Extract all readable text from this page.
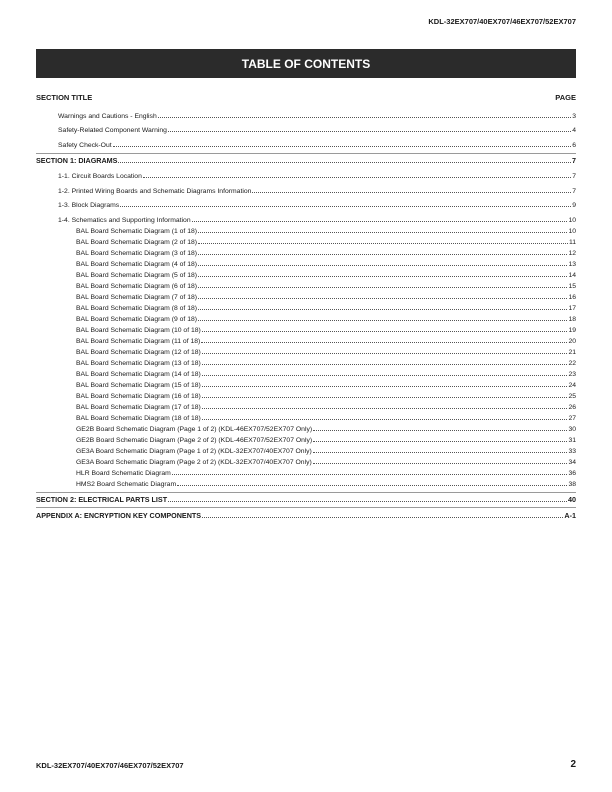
KDL-32EX707/40EX707/46EX707/52EX707
TABLE OF CONTENTS
SECTION TITLE	PAGE
Warnings and Cautions - English	3
Safety-Related Component Warning	4
Safety Check-Out	6
SECTION 1: DIAGRAMS	7
1-1. Circuit Boards Location	7
1-2. Printed Wiring Boards and Schematic Diagrams Information	7
1-3. Block Diagrams	9
1-4. Schematics and Supporting Information	10
BAL Board Schematic Diagram (1 of 18)	10
BAL Board Schematic Diagram (2 of 18)	11
BAL Board Schematic Diagram (3 of 18)	12
BAL Board Schematic Diagram (4 of 18)	13
BAL Board Schematic Diagram (5 of 18)	14
BAL Board Schematic Diagram (6 of 18)	15
BAL Board Schematic Diagram (7 of 18)	16
BAL Board Schematic Diagram (8 of 18)	17
BAL Board Schematic Diagram (9 of 18)	18
BAL Board Schematic Diagram (10 of 18)	19
BAL Board Schematic Diagram (11 of 18)	20
BAL Board Schematic Diagram (12 of 18)	21
BAL Board Schematic Diagram (13 of 18)	22
BAL Board Schematic Diagram (14 of 18)	23
BAL Board Schematic Diagram (15 of 18)	24
BAL Board Schematic Diagram (16 of 18)	25
BAL Board Schematic Diagram (17 of 18)	26
BAL Board Schematic Diagram (18 of 18)	27
GE2B Board Schematic Diagram (Page 1 of 2) (KDL-46EX707/52EX707 Only)	30
GE2B Board Schematic Diagram (Page 2 of 2) (KDL-46EX707/52EX707 Only)	31
GE3A Board Schematic Diagram (Page 1 of 2) (KDL-32EX707/40EX707 Only)	33
GE3A Board Schematic Diagram (Page 2 of 2) (KDL-32EX707/40EX707 Only)	34
HLR Board Schematic Diagram	36
HMS2 Board Schematic Diagram	38
SECTION 2: ELECTRICAL PARTS LIST	40
APPENDIX A: ENCRYPTION KEY COMPONENTS	A-1
KDL-32EX707/40EX707/46EX707/52EX707	2
